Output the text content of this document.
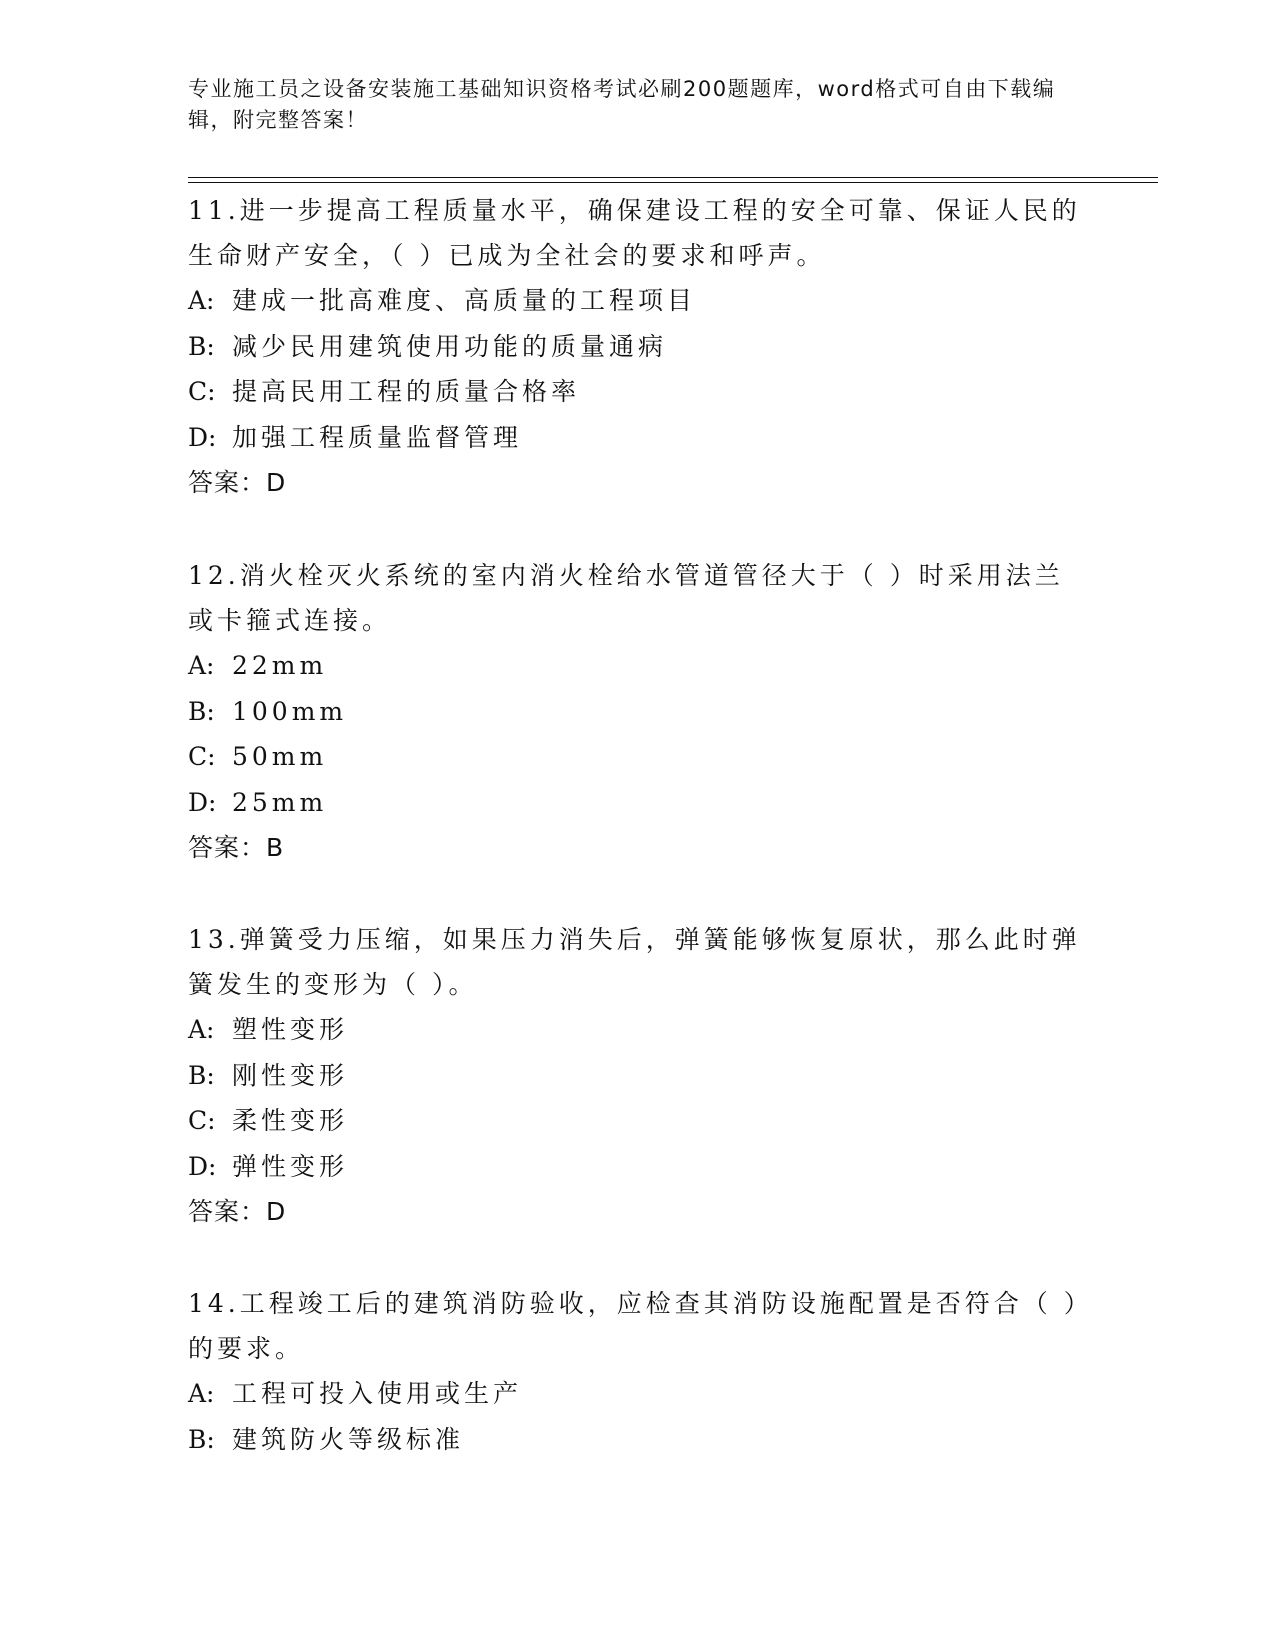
专业施工员之设备安装施工基础知识资格考试必刷200题题库，word格式可自由下载编辑，附完整答案！

11.进一步提高工程质量水平，确保建设工程的安全可靠、保证人民的生命财产安全，（ ）已成为全社会的要求和呼声。

A: 建成一批高难度、高质量的工程项目

B: 减少民用建筑使用功能的质量通病

C: 提高民用工程的质量合格率

D: 加强工程质量监督管理

答案：D

12.消火栓灭火系统的室内消火栓给水管道管径大于（ ）时采用法兰或卡箍式连接。

A: 22mm

B: 100mm

C: 50mm

D: 25mm

答案：B

13.弹簧受力压缩，如果压力消失后，弹簧能够恢复原状，那么此时弹簧发生的变形为（ ）。

A: 塑性变形

B: 刚性变形

C: 柔性变形

D: 弹性变形

答案：D

14.工程竣工后的建筑消防验收，应检查其消防设施配置是否符合（ ）的要求。

A: 工程可投入使用或生产

B: 建筑防火等级标准
